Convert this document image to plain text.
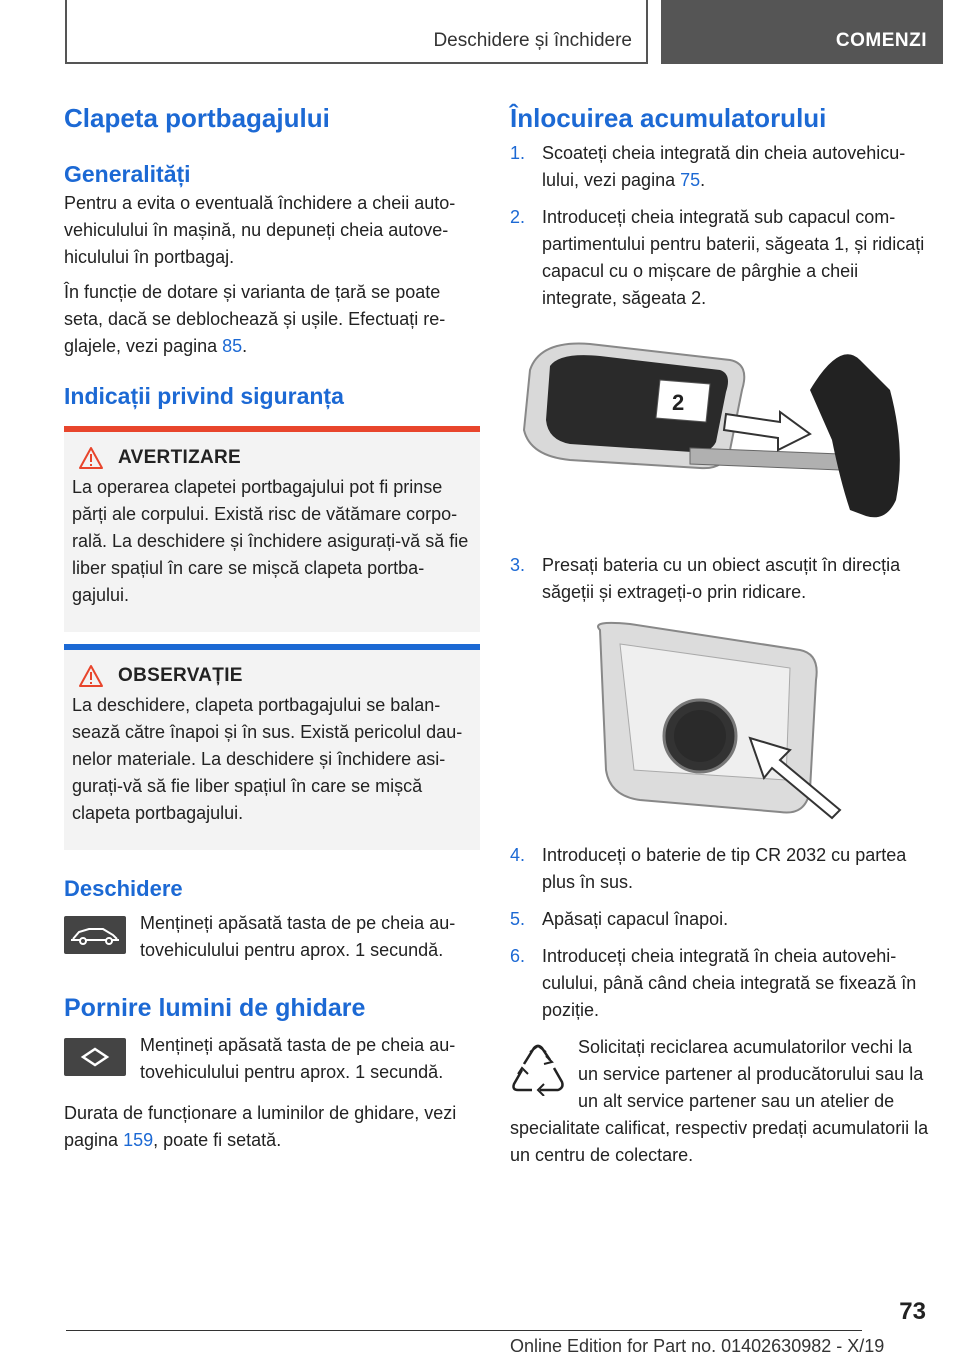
Deschidere și închidere	COMENZI
Clapeta portbagajului
Generalități

Pentru a evita o eventuală închidere a cheii autovehiculului în mașină, nu depuneți cheia autovehiculului în portbagaj.

În funcție de dotare și varianta de țară se poate seta, dacă se deblochează și ușile. Efectuați reglajele, vezi pagina 85.

Indicații privind siguranța
AVERTIZARE

La operarea clapetei portbagajului pot fi prinse părți ale corpului. Există risc de vătămare corporală. La deschidere și închidere asigurați-vă să fie liber spațiul în care se mișcă clapeta portbagajului.

OBSERVAȚIE

La deschidere, clapeta portbagajului se balansează către înapoi și în sus. Există pericolul daunelor materiale. La deschidere și închidere asigurați-vă să fie liber spațiul în care se mișcă clapeta portbagajului.

Deschidere

Mențineți apăsată tasta de pe cheia autovehiculului pentru aprox. 1 secundă.

Pornire lumini de ghidare

Mențineți apăsată tasta de pe cheia autovehiculului pentru aprox. 1 secundă.

Durata de funcționare a luminilor de ghidare, vezi pagina 159, poate fi setată.

Înlocuirea acumulatorului
1. Scoateți cheia integrată din cheia autovehiculului, vezi pagina 75.
2. Introduceți cheia integrată sub capacul compartimentului pentru baterii, săgeata 1, și ridicați capacul cu o mișcare de pârghie a cheii integrate, săgeata 2.
2
3. Presați bateria cu un obiect ascuțit în direcția săgeții și extrageți-o prin ridicare.
4. Introduceți o baterie de tip CR 2032 cu partea plus în sus.
5. Apăsați capacul înapoi.
6. Introduceți cheia integrată în cheia autovehiculului, până când cheia integrată se fixează în poziție.

Solicitați reciclarea acumulatorilor vechi la un service partener al producătorului sau la un alt service partener sau un atelier de specialitate calificat, respectiv predați acumulatorii la un centru de colectare.

73
Online Edition for Part no. 01402630982 - X/19
